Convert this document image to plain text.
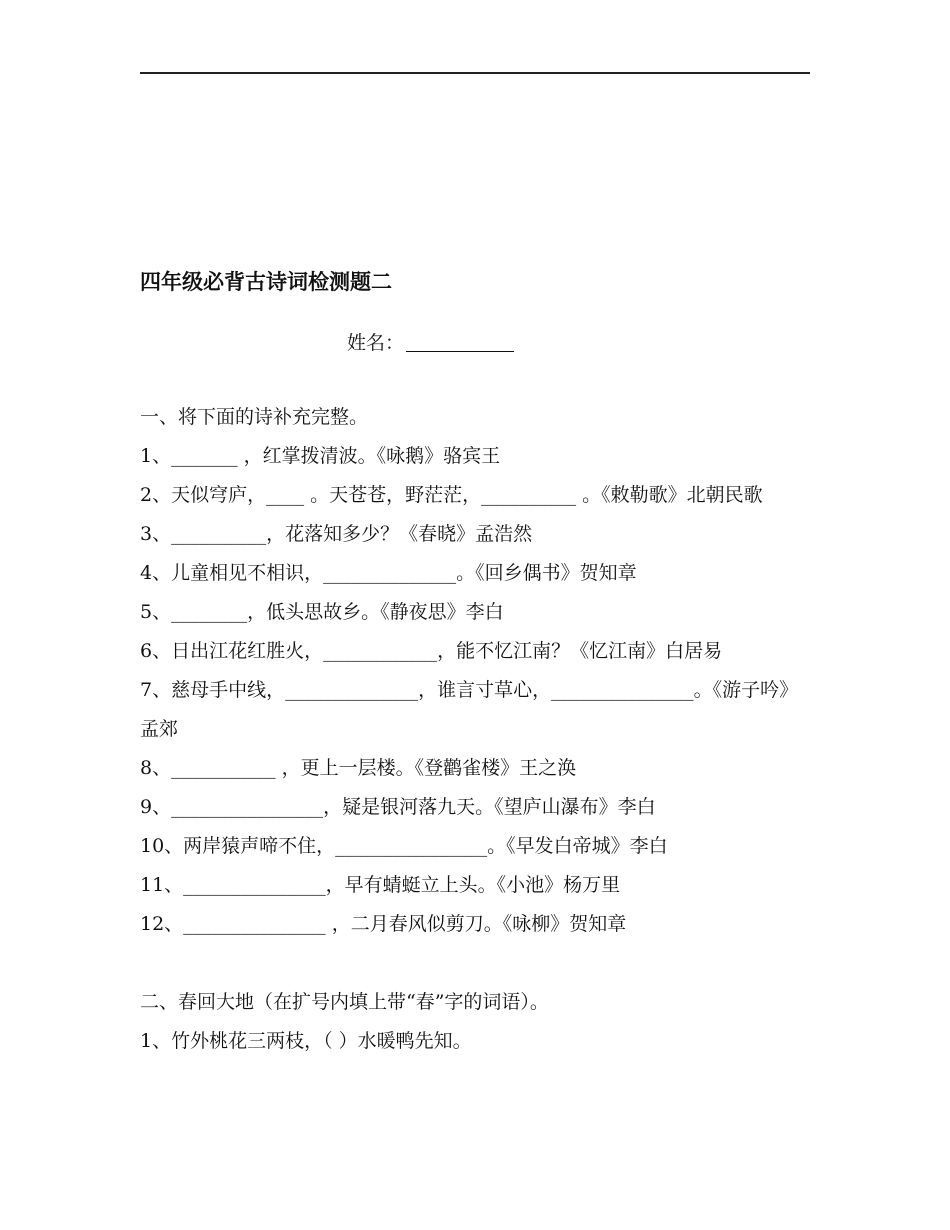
四年级必背古诗词检测题二
姓名：
一、将下面的诗补充完整。
1、_______ ，红掌拨清波。《咏鹅》骆宾王
2、天似穹庐，____ 。天苍苍，野茫茫，__________ 。《敕勒歌》北朝民歌
3、__________，花落知多少？《春晓》孟浩然
4、儿童相见不相识，______________。《回乡偶书》贺知章
5、________，低头思故乡。《静夜思》李白
6、日出江花红胜火，____________，能不忆江南？《忆江南》白居易
7、慈母手中线，______________，谁言寸草心，_______________。《游子吟》孟郊
8、___________ ，更上一层楼。《登鹳雀楼》王之涣
9、________________，疑是银河落九天。《望庐山瀑布》李白
10、两岸猿声啼不住，________________。《早发白帝城》李白
11、_______________，早有蜻蜓立上头。《小池》杨万里
12、_______________ ，二月春风似剪刀。《咏柳》贺知章
二、春回大地（在扩号内填上带“春”字的词语）。
1、竹外桃花三两枝，（ ）水暖鸭先知。
